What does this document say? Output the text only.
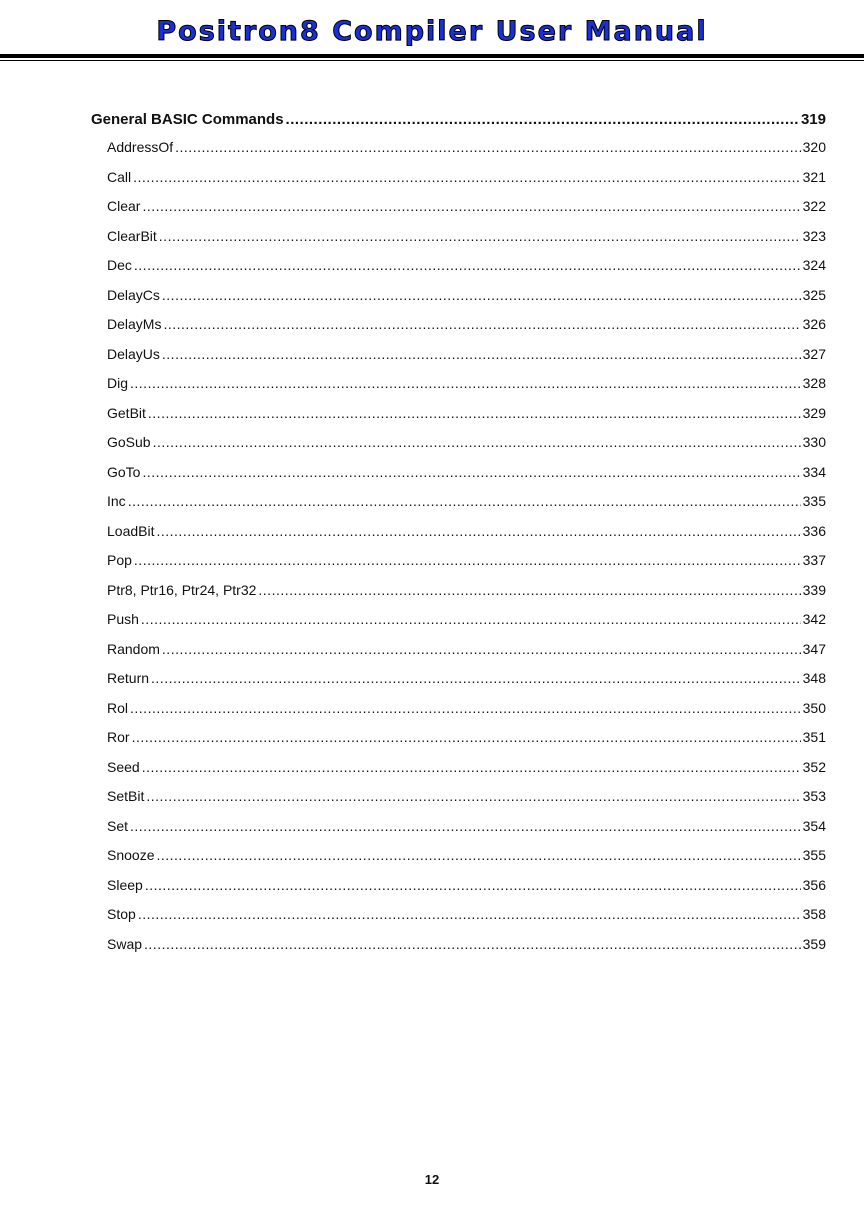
Positron8 Compiler User Manual
General BASIC Commands .....	319
AddressOf .....	320
Call .....	321
Clear .....	322
ClearBit .....	323
Dec .....	324
DelayCs .....	325
DelayMs .....	326
DelayUs .....	327
Dig .....	328
GetBit .....	329
GoSub .....	330
GoTo .....	334
Inc .....	335
LoadBit .....	336
Pop .....	337
Ptr8, Ptr16, Ptr24, Ptr32 .....	339
Push .....	342
Random .....	347
Return .....	348
Rol .....	350
Ror .....	351
Seed .....	352
SetBit .....	353
Set .....	354
Snooze .....	355
Sleep .....	356
Stop .....	358
Swap .....	359
12
